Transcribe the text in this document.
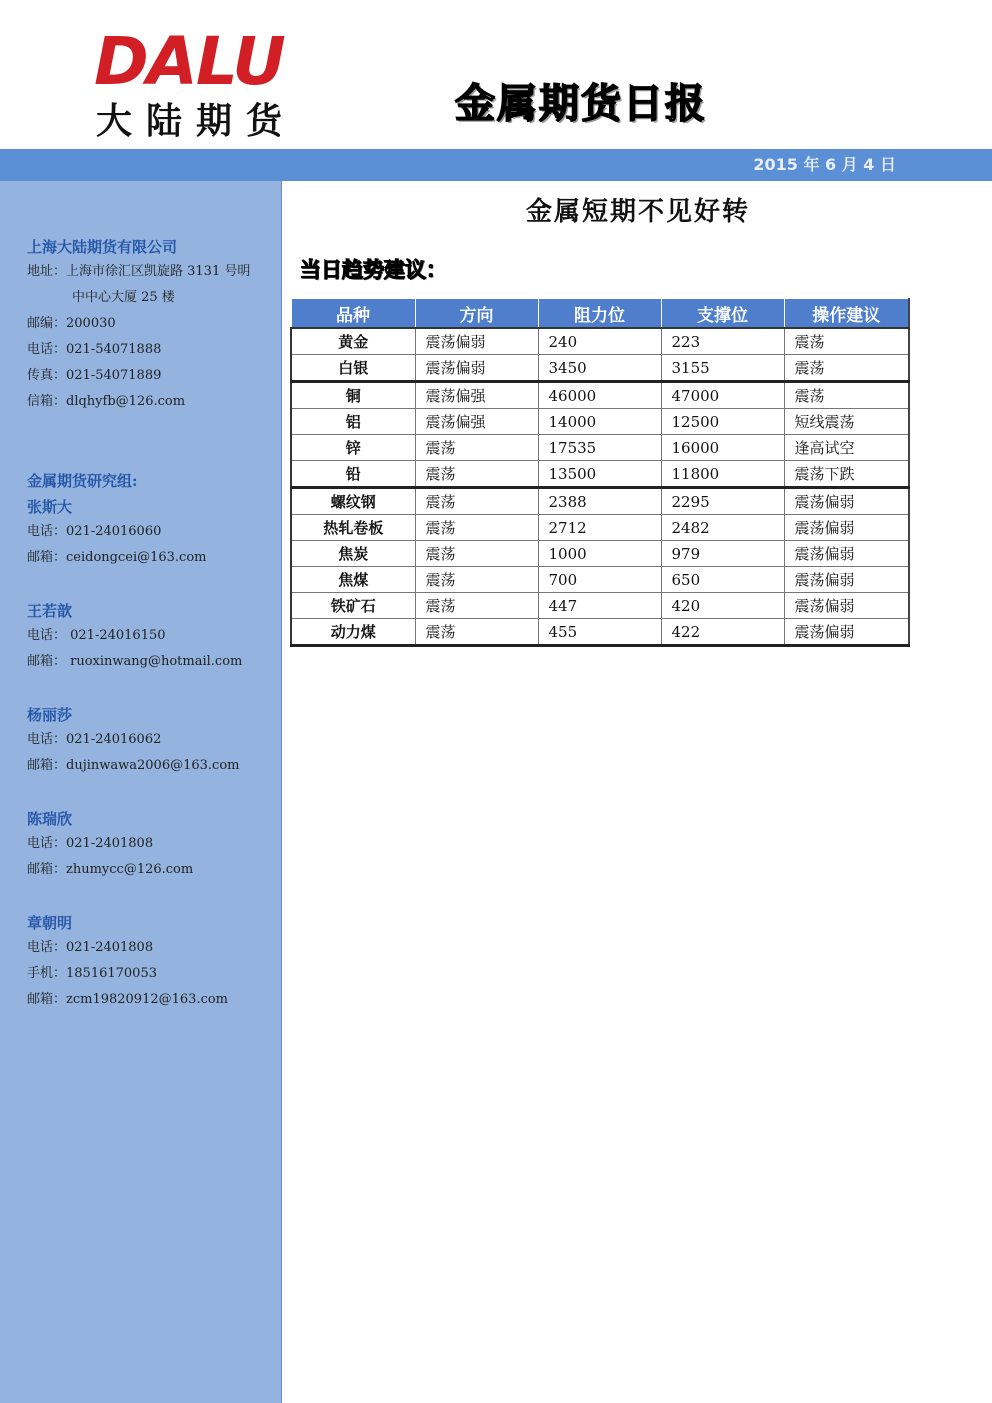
DALU
大陆期货	金属期货日报
2015 年 6 月 4 日
上海大陆期货有限公司
地址：上海市徐汇区凯旋路 3131 号明
中中心大厦 25 楼
邮编：200030
电话：021-54071888
传真：021-54071889
信箱：dlqhyfb@126.com
金属期货研究组:
张斯大
电话：021-24016060
邮箱：ceidongcei@163.com
王若歆
电话： 021-24016150
邮箱： ruoxinwang@hotmail.com
杨丽莎
电话：021-24016062
邮箱：dujinwawa2006@163.com
陈瑞欣
电话：021-2401808
邮箱：zhumycc@126.com
章朝明
电话：021-2401808
手机：18516170053
邮箱：zcm19820912@163.com
金属短期不见好转
当日趋势建议：
品种	方向	阻力位	支撑位	操作建议
黄金	震荡偏弱	240	223	震荡
白银	震荡偏弱	3450	3155	震荡
铜	震荡偏强	46000	47000	震荡
铝	震荡偏强	14000	12500	短线震荡
锌	震荡	17535	16000	逢高试空
铅	震荡	13500	11800	震荡下跌
螺纹钢	震荡	2388	2295	震荡偏弱
热轧卷板	震荡	2712	2482	震荡偏弱
焦炭	震荡	1000	979	震荡偏弱
焦煤	震荡	700	650	震荡偏弱
铁矿石	震荡	447	420	震荡偏弱
动力煤	震荡	455	422	震荡偏弱
